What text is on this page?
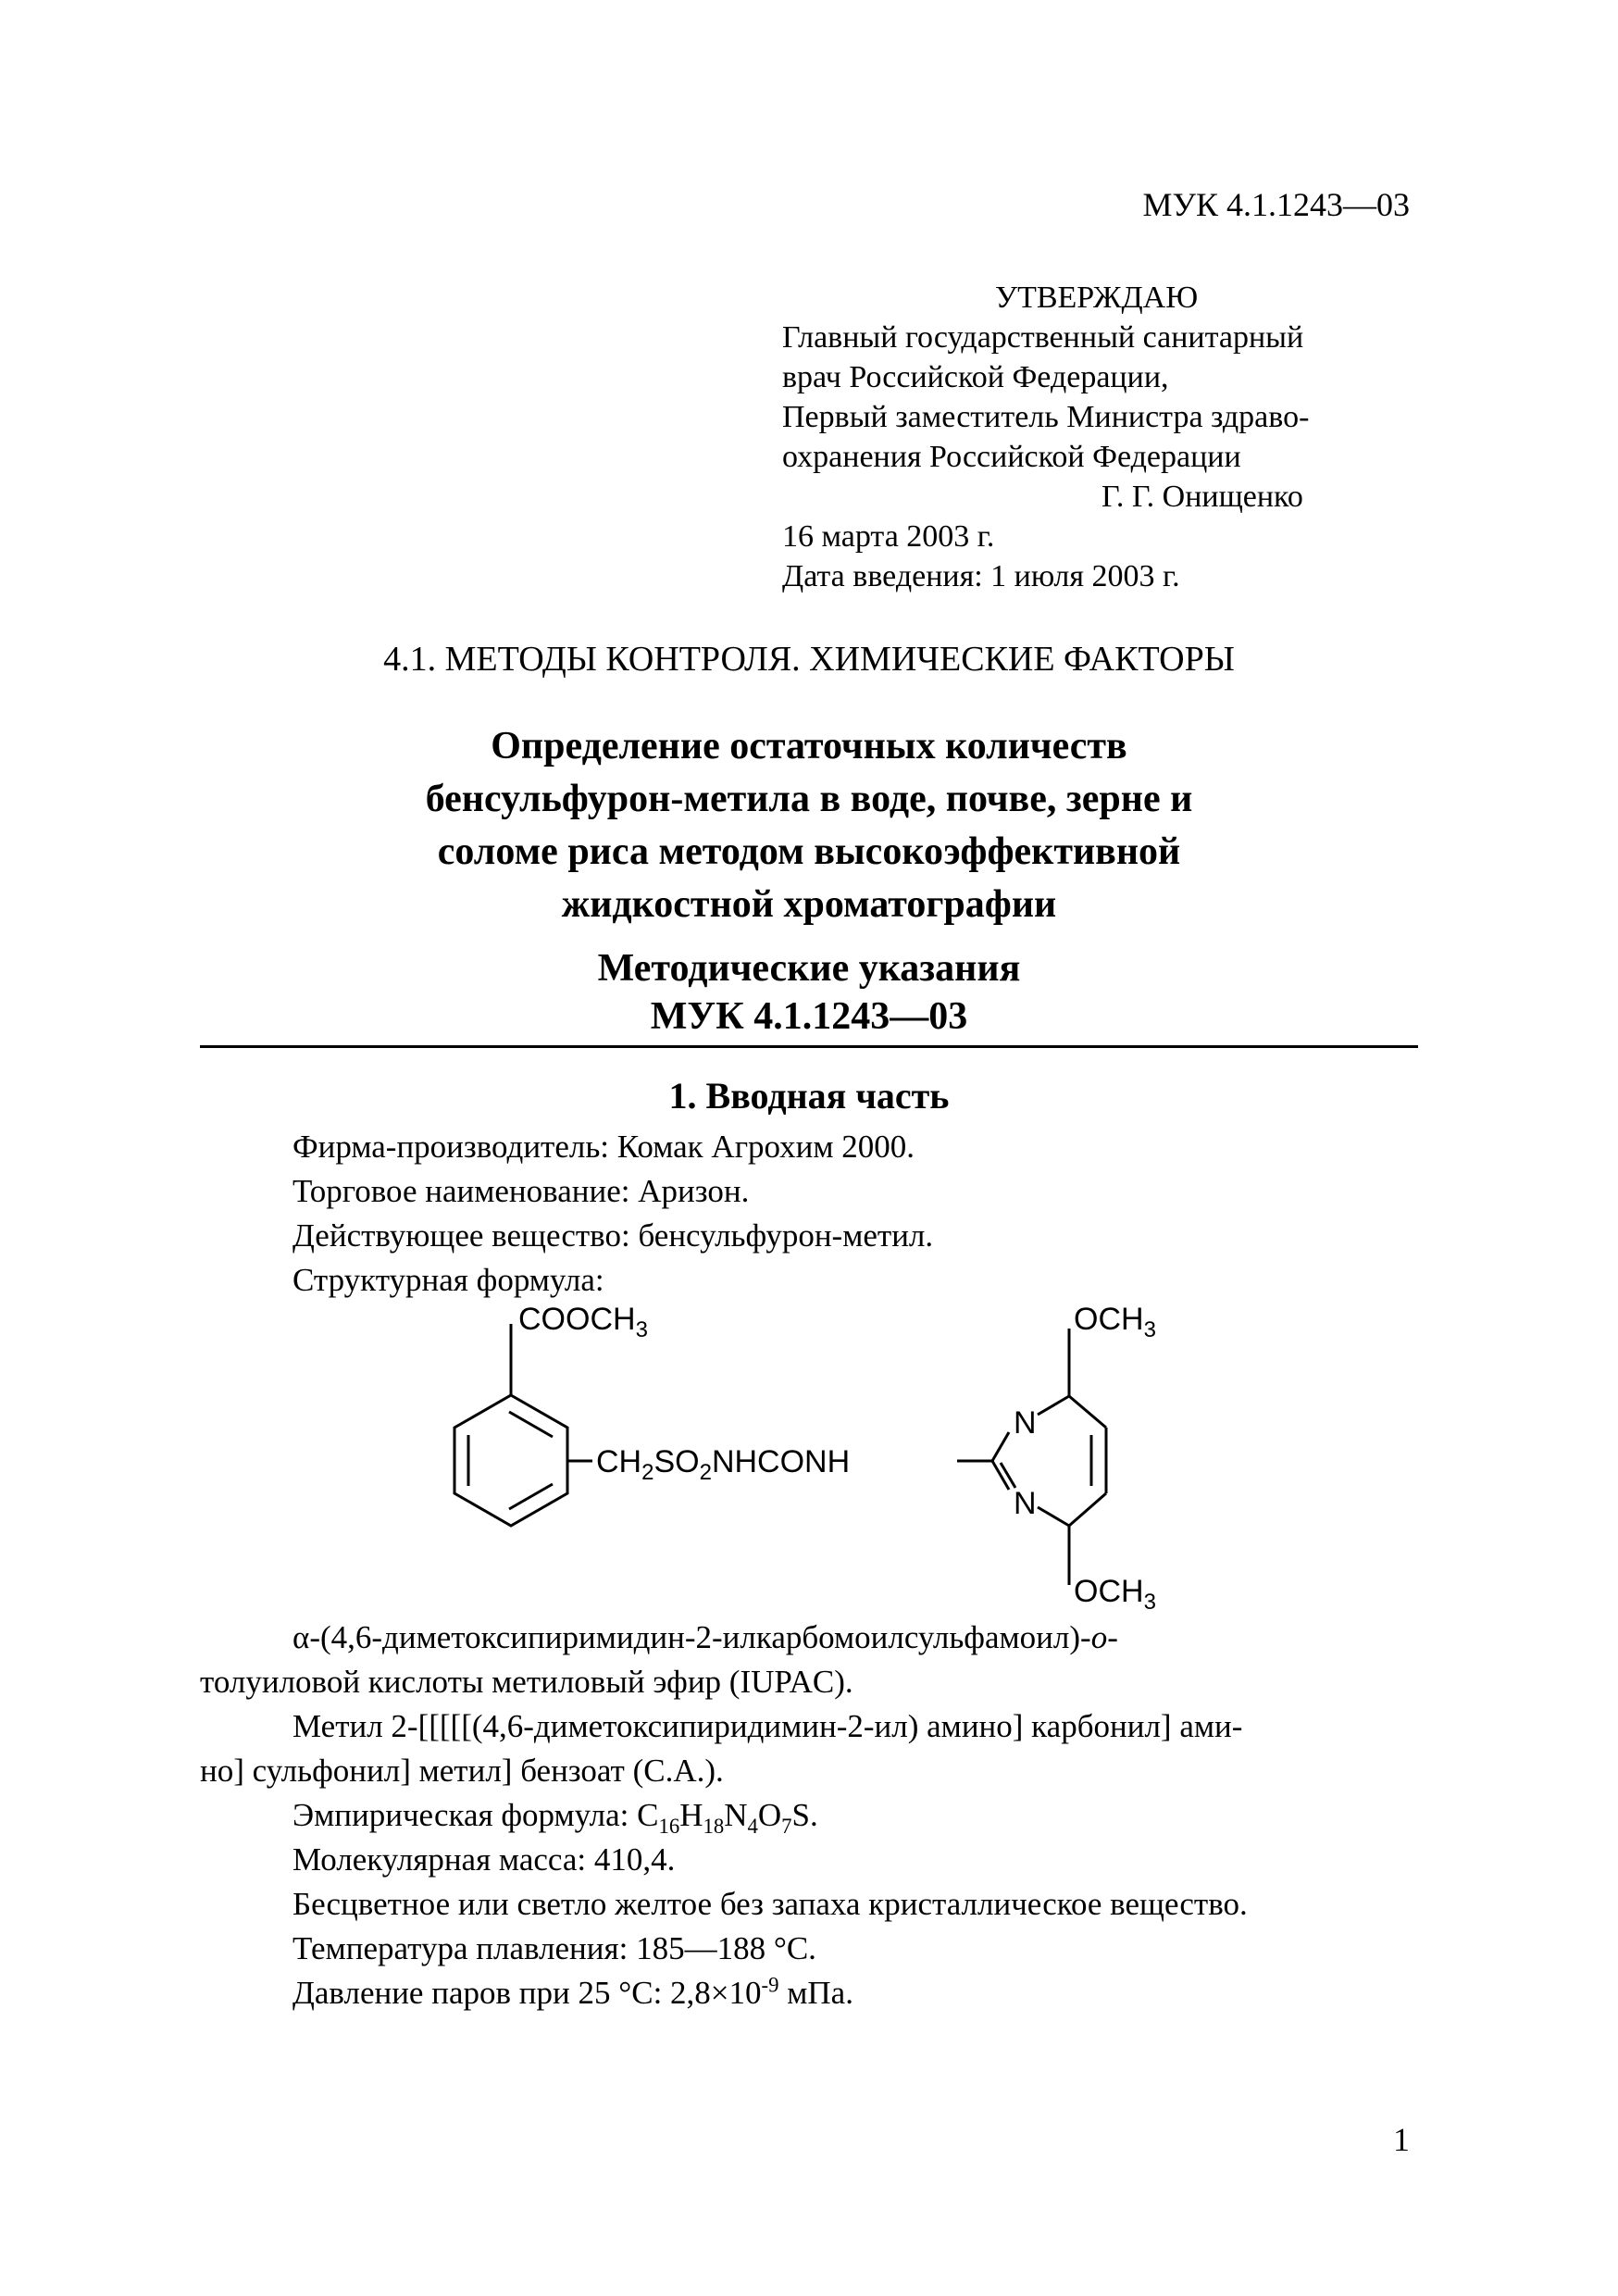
МУК 4.1.1243—03
УТВЕРЖДАЮ
Главный государственный санитарный
врач Российской Федерации,
Первый заместитель Министра здраво-
охранения Российской Федерации
Г. Г. Онищенко
16 марта 2003 г.
Дата введения: 1 июля 2003 г.
4.1. МЕТОДЫ КОНТРОЛЯ. ХИМИЧЕСКИЕ ФАКТОРЫ
Определение остаточных количеств
бенсульфурон-метила в воде, почве, зерне и
соломе риса методом высокоэффективной
жидкостной хроматографии
Методические указания
МУК 4.1.1243—03
1. Вводная часть

Фирма-производитель: Комак Агрохим 2000.

Торговое наименование: Аризон.

Действующее вещество: бенсульфурон-метил.

Структурная формула:

$COOCH_3$
$CH_2SO_2NHCONH$
N
N
$OCH_3$
$OCH_3$

α-(4,6-диметоксипиримидин-2-илкарбомоилсульфамоил)-о-

толуиловой кислоты метиловый эфир (IUPAC).

Метил 2-[[[[[(4,6-диметоксипиридимин-2-ил) амино] карбонил] ами-

но] сульфонил] метил] бензоат (С.А.).

Эмпирическая формула: $C_{16}H_{18}N_4O_7S$.

Молекулярная масса: 410,4.

Бесцветное или светло желтое без запаха кристаллическое вещество.

Температура плавления: 185—188 °С.

Давление паров при 25 °С: $2,8\times 10^{-9}$ мПа.

1
